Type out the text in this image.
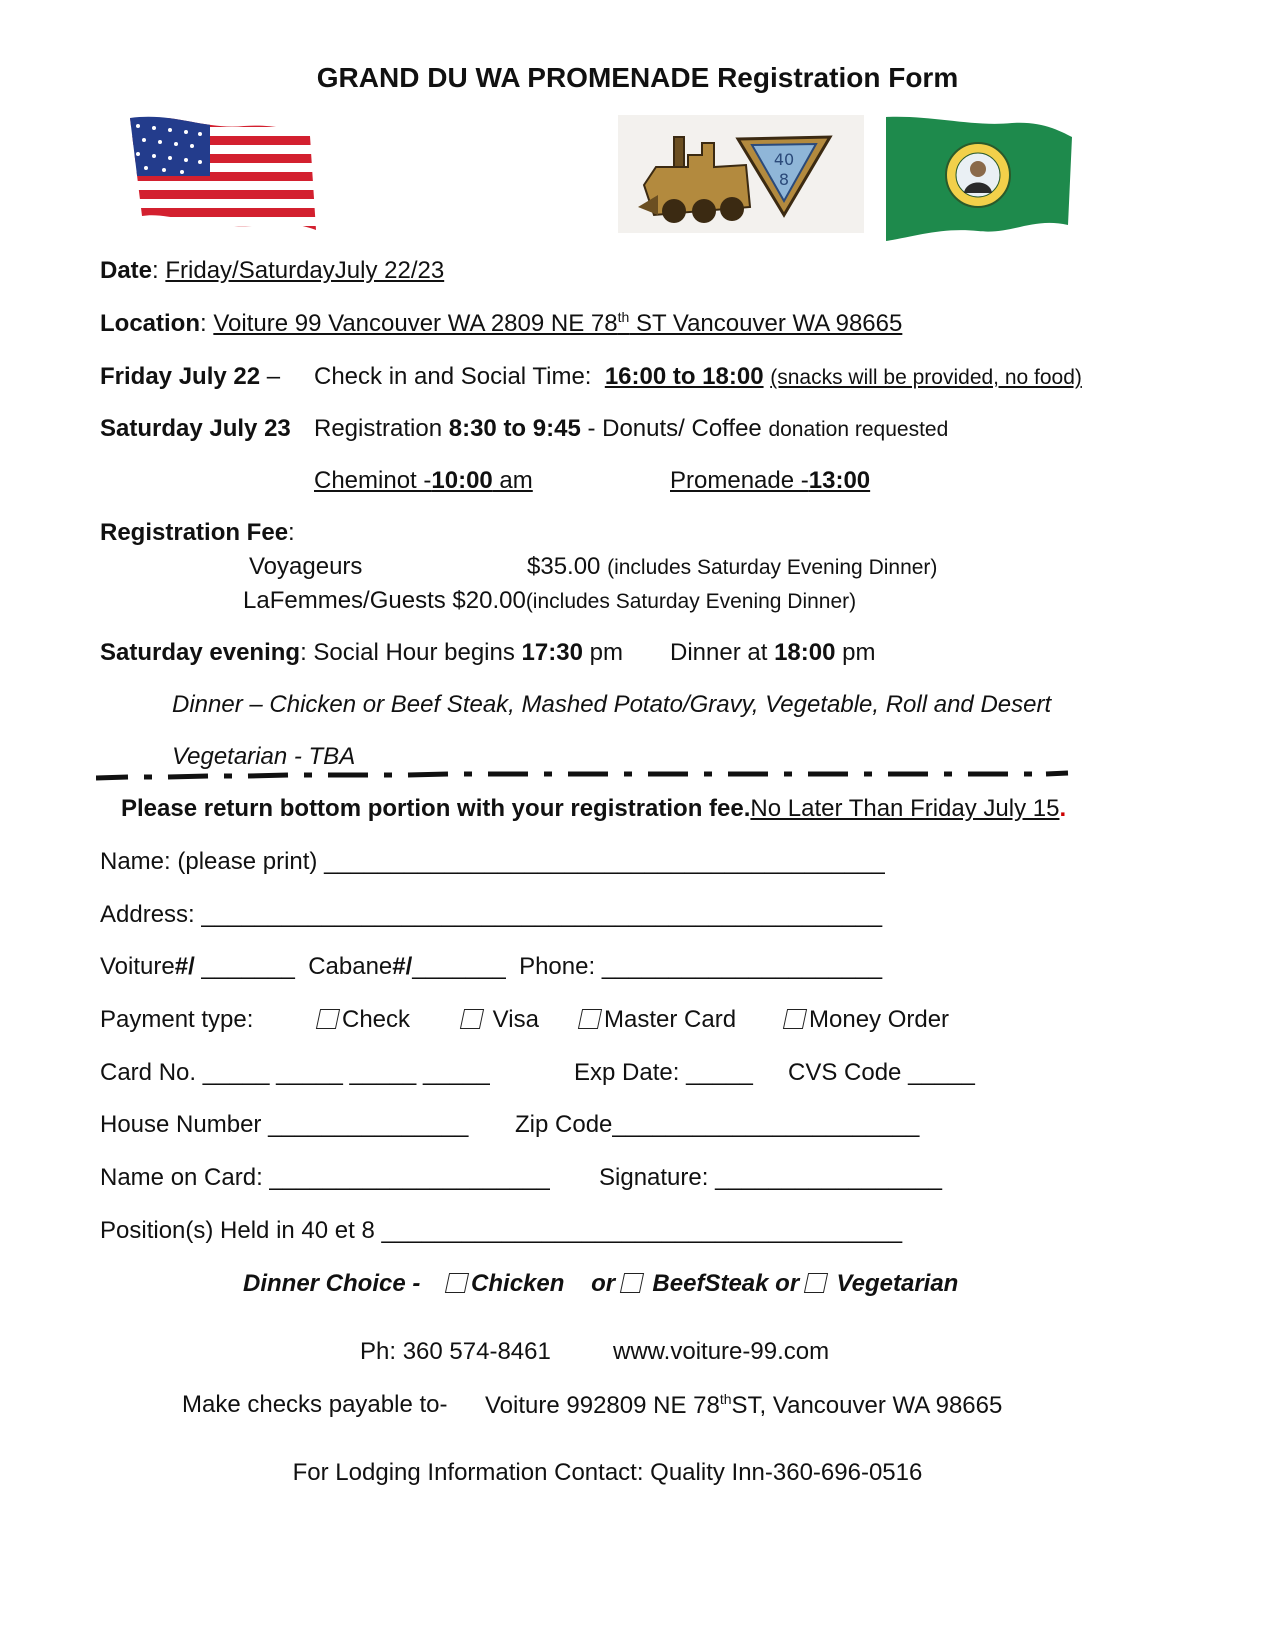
GRAND DU WA PROMENADE Registration Form
40
8
Date: Friday/SaturdayJuly 22/23
Location: Voiture 99 Vancouver WA 2809 NE 78th ST Vancouver WA 98665
Friday July 22 – Check in and Social Time: 16:00 to 18:00 (snacks will be provided, no food)
Saturday July 23 Registration 8:30 to 9:45 - Donuts/ Coffee donation requested
Cheminot -10:00 am	Promenade -13:00
Registration Fee:
Voyageurs	$35.00 (includes Saturday Evening Dinner)
LaFemmes/Guests $20.00(includes Saturday Evening Dinner)
Saturday evening: Social Hour begins 17:30 pm Dinner at 18:00 pm
Dinner – Chicken or Beef Steak, Mashed Potato/Gravy, Vegetable, Roll and Desert
Vegetarian - TBA
Please return bottom portion with your registration fee.No Later Than Friday July 15.
Name: (please print) __________________________________________
Address: ___________________________________________________
Voiture#/ _______ Cabane#/_______ Phone: _____________________
Payment type:	Check	Visa	Master Card	Money Order
Card No. _____ _____ _____ _____	Exp Date: _____ CVS Code _____
House Number _______________ Zip Code_______________________
Name on Card: _____________________ Signature: _________________
Position(s) Held in 40 et 8 _______________________________________
Dinner Choice - Chicken or BeefSteak or Vegetarian
Ph: 360 574-8461	www.voiture-99.com
Make checks payable to- Voiture 992809 NE 78thST, Vancouver WA 98665
For Lodging Information Contact: Quality Inn-360-696-0516
